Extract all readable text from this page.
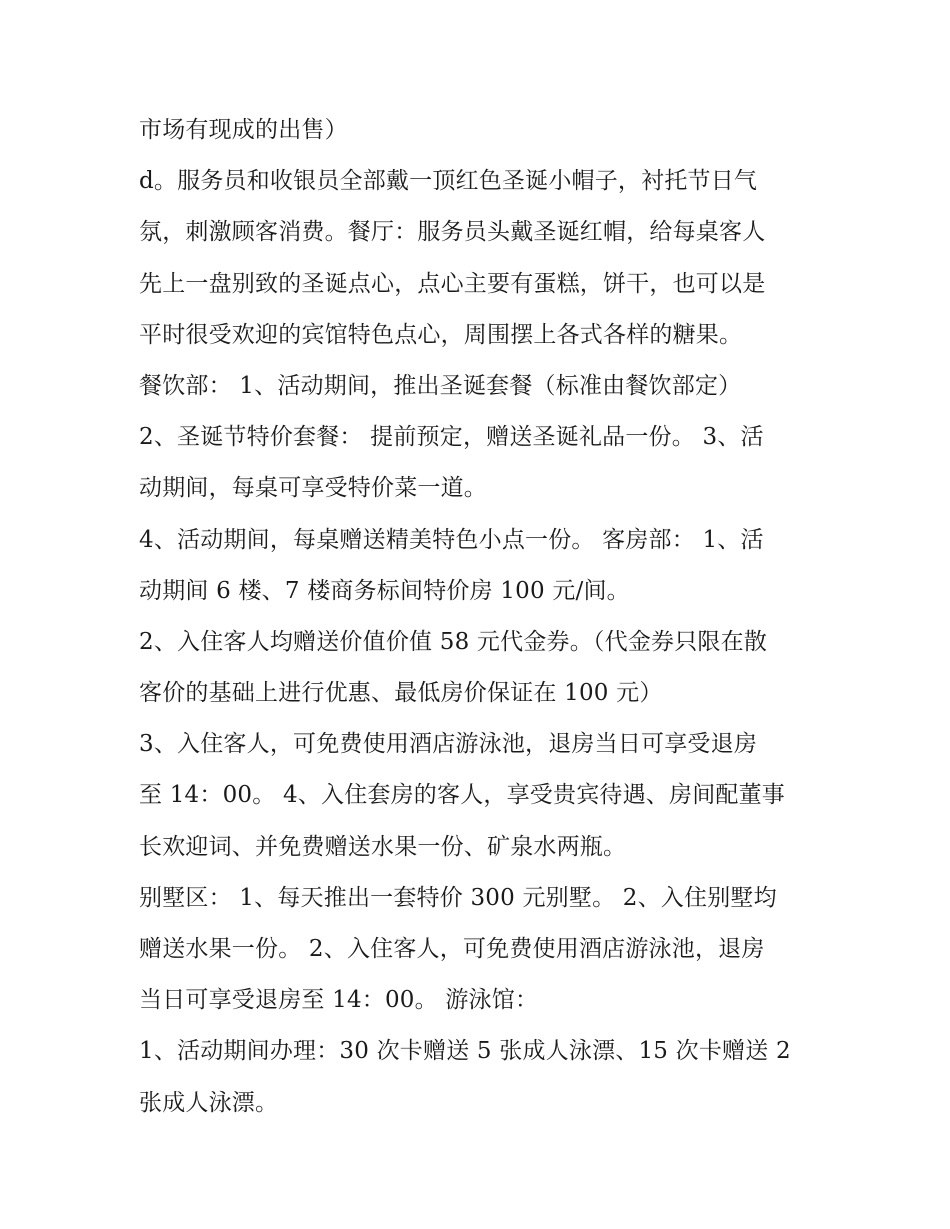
市场有现成的出售）
d。服务员和收银员全部戴一顶红色圣诞小帽子，衬托节日气
氛，刺激顾客消费。餐厅：服务员头戴圣诞红帽，给每桌客人
先上一盘别致的圣诞点心，点心主要有蛋糕，饼干，也可以是
平时很受欢迎的宾馆特色点心，周围摆上各式各样的糖果。
餐饮部： 1、活动期间，推出圣诞套餐（标准由餐饮部定）
2、圣诞节特价套餐： 提前预定，赠送圣诞礼品一份。 3、活
动期间，每桌可享受特价菜一道。
4、活动期间，每桌赠送精美特色小点一份。 客房部： 1、活
动期间 6 楼、7 楼商务标间特价房 100 元/间。
2、入住客人均赠送价值价值 58 元代金券。（代金券只限在散
客价的基础上进行优惠、最低房价保证在 100 元）
3、入住客人，可免费使用酒店游泳池，退房当日可享受退房
至 14：00。 4、入住套房的客人，享受贵宾待遇、房间配董事
长欢迎词、并免费赠送水果一份、矿泉水两瓶。
别墅区： 1、每天推出一套特价 300 元别墅。 2、入住别墅均
赠送水果一份。 2、入住客人，可免费使用酒店游泳池，退房
当日可享受退房至 14：00。 游泳馆：
1、活动期间办理：30 次卡赠送 5 张成人泳漂、15 次卡赠送 2
张成人泳漂。
